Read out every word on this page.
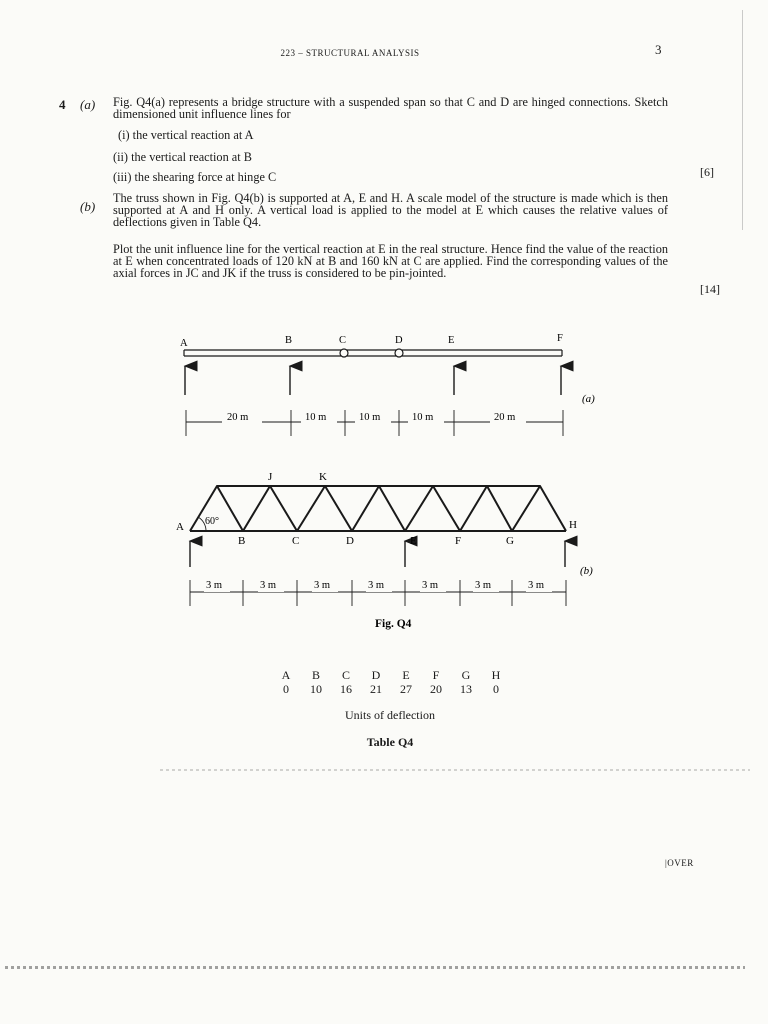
223 – STRUCTURAL ANALYSIS	3
4 (a) Fig. Q4(a) represents a bridge structure with a suspended span so that C and D are hinged connections. Sketch dimensioned unit influence lines for

(i) the vertical reaction at A
(ii) the vertical reaction at B
(iii) the shearing force at hinge C	[6]
(b)

The truss shown in Fig. Q4(b) is supported at A, E and H. A scale model of the structure is made which is then supported at A and H only. A vertical load is applied to the model at E which causes the relative values of deflections given in Table Q4.

Plot the unit influence line for the vertical reaction at E in the real structure. Hence find the value of the reaction at E when concentrated loads of 120 kN at B and 160 kN at C are applied. Find the corresponding values of the axial forces in JC and JK if the truss is considered to be pin-jointed.

[14]
A	B	C	D	E	F
(a)
20 m	10 m	10 m	10 m	20 m
60°
J	K
A
B	C	D	E	F	G
H
(b)
3 m	3 m	3 m	3 m	3 m	3 m	3 m
Fig. Q4
A	B	C	D	E	F	G	H
0	10	16	21	27	20	13	0
Units of deflection
Table Q4
|OVER
